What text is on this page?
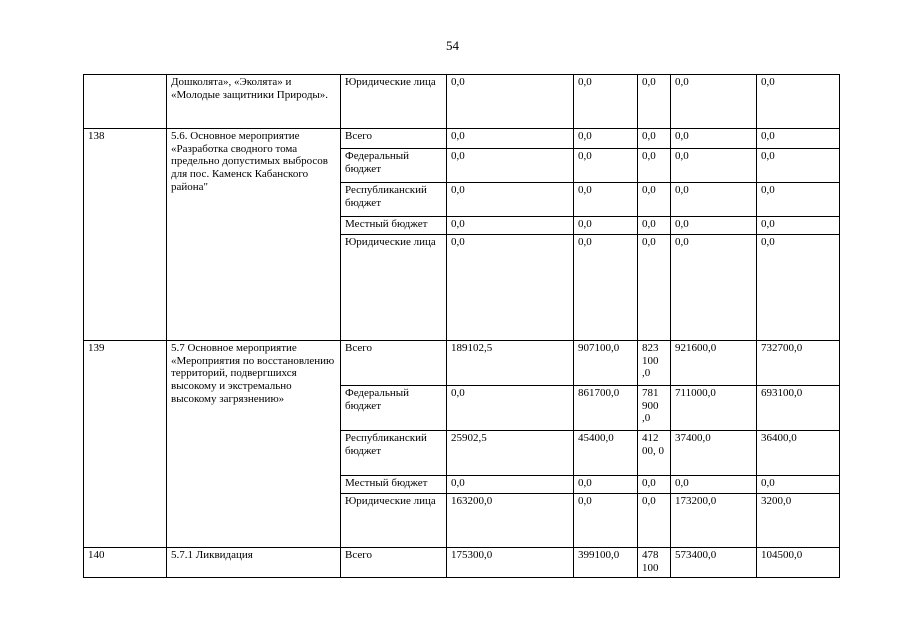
54
	Дошколята», «Эколята» и «Молодые защитники Природы».	Юридические лица	0,0	0,0	0,0	0,0	0,0
138	5.6. Основное мероприятие «Разработка сводного тома предельно допустимых выбросов для пос. Каменск Кабанского района"	Всего	0,0	0,0	0,0	0,0	0,0
		Федеральный бюджет	0,0	0,0	0,0	0,0	0,0
		Республиканский бюджет	0,0	0,0	0,0	0,0	0,0
		Местный бюджет	0,0	0,0	0,0	0,0	0,0
		Юридические лица	0,0	0,0	0,0	0,0	0,0
139	5.7 Основное мероприятие «Мероприятия по восстановлению территорий, подвергшихся высокому и экстремально высокому загрязнению»	Всего	189102,5	907100,0	823 100 ,0	921600,0	732700,0
		Федеральный бюджет	0,0	861700,0	781 900 ,0	711000,0	693100,0
		Республиканский бюджет	25902,5	45400,0	412 00, 0	37400,0	36400,0
		Местный бюджет	0,0	0,0	0,0	0,0	0,0
		Юридические лица	163200,0	0,0	0,0	173200,0	3200,0
140	5.7.1 Ликвидация	Всего	175300,0	399100,0	478 100	573400,0	104500,0
